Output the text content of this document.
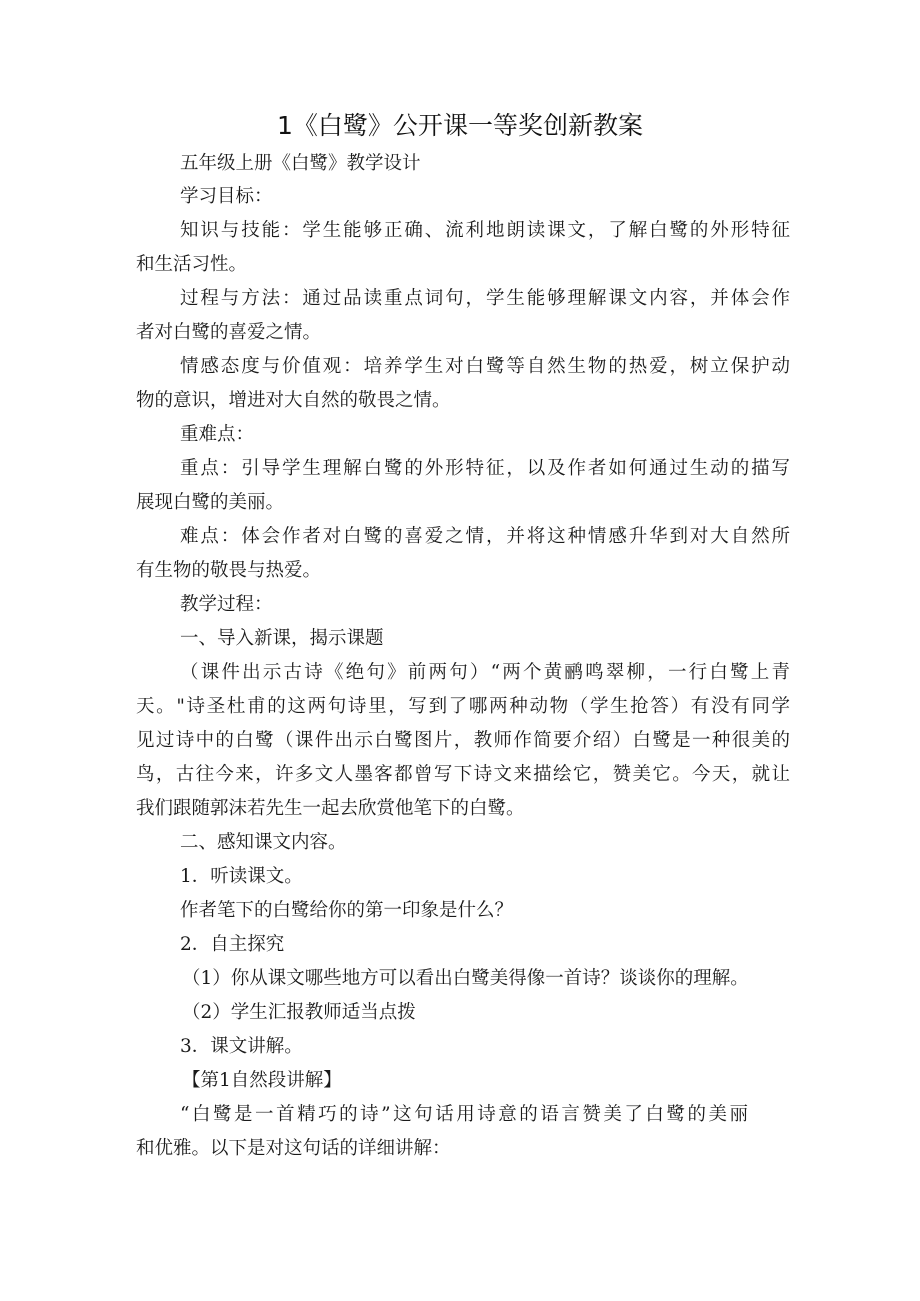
1《白鹭》公开课一等奖创新教案

五年级上册《白鹭》教学设计

学习目标：

知识与技能：学生能够正确、流利地朗读课文，了解白鹭的外形特征

和生活习性。

过程与方法：通过品读重点词句，学生能够理解课文内容，并体会作

者对白鹭的喜爱之情。

情感态度与价值观：培养学生对白鹭等自然生物的热爱，树立保护动

物的意识，增进对大自然的敬畏之情。

重难点：

重点：引导学生理解白鹭的外形特征，以及作者如何通过生动的描写

展现白鹭的美丽。

难点：体会作者对白鹭的喜爱之情，并将这种情感升华到对大自然所

有生物的敬畏与热爱。

教学过程：

一、导入新课，揭示课题

（课件出示古诗《绝句》前两句）“两个黄鹂鸣翠柳，一行白鹭上青

天。"诗圣杜甫的这两句诗里，写到了哪两种动物（学生抢答）有没有同学

见过诗中的白鹭（课件出示白鹭图片，教师作简要介绍）白鹭是一种很美的

鸟，古往今来，许多文人墨客都曾写下诗文来描绘它，赞美它。今天，就让

我们跟随郭沫若先生一起去欣赏他笔下的白鹭。

二、感知课文内容。

1．听读课文。

作者笔下的白鹭给你的第一印象是什么？

2．自主探究

（1）你从课文哪些地方可以看出白鹭美得像一首诗？谈谈你的理解。

（2）学生汇报教师适当点拨

3．课文讲解。

【第1自然段讲解】

“白鹭是一首精巧的诗”这句话用诗意的语言赞美了白鹭的美丽

和优雅。以下是对这句话的详细讲解：
